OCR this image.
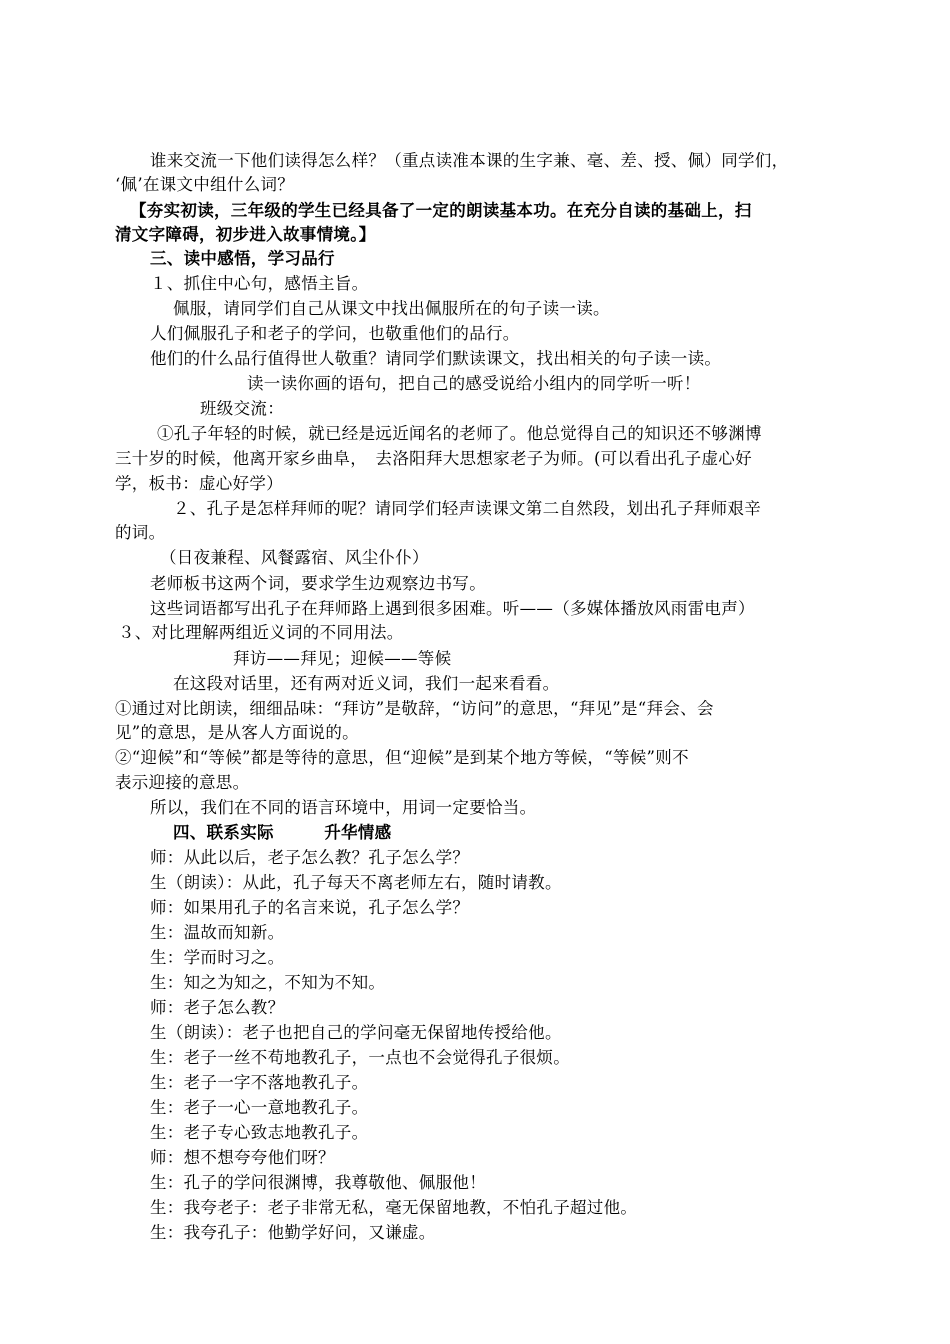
谁来交流一下他们读得怎么样？（重点读准本课的生字兼、毫、差、授、佩）同学们，
‘佩’在课文中组什么词？
【夯实初读，三年级的学生已经具备了一定的朗读基本功。在充分自读的基础上，扫
清文字障碍，初步进入故事情境。】
三、读中感悟，学习品行
１、抓住中心句，感悟主旨。
佩服，请同学们自己从课文中找出佩服所在的句子读一读。
人们佩服孔子和老子的学问，也敬重他们的品行。
他们的什么品行值得世人敬重？请同学们默读课文，找出相关的句子读一读。
读一读你画的语句，把自己的感受说给小组内的同学听一听！
班级交流：
①孔子年轻的时候，就已经是远近闻名的老师了。他总觉得自己的知识还不够渊博
三十岁的时候，他离开家乡曲阜，　去洛阳拜大思想家老子为师。(可以看出孔子虚心好
学，板书：虚心好学）
２、孔子是怎样拜师的呢？请同学们轻声读课文第二自然段，划出孔子拜师艰辛
的词。
（日夜兼程、风餐露宿、风尘仆仆）
老师板书这两个词，要求学生边观察边书写。
这些词语都写出孔子在拜师路上遇到很多困难。听——（多媒体播放风雨雷电声）
３、对比理解两组近义词的不同用法。
拜访——拜见；迎候——等候
在这段对话里，还有两对近义词，我们一起来看看。
①通过对比朗读，细细品味：“拜访”是敬辞，“访问”的意思，“拜见”是“拜会、会
见”的意思，是从客人方面说的。
②“迎候”和“等候”都是等待的意思，但“迎候”是到某个地方等候，“等候”则不
表示迎接的意思。
所以，我们在不同的语言环境中，用词一定要恰当。
四、联系实际　　　升华情感
师：从此以后，老子怎么教？孔子怎么学？
生（朗读）：从此，孔子每天不离老师左右，随时请教。
师：如果用孔子的名言来说，孔子怎么学？
生：温故而知新。
生：学而时习之。
生：知之为知之，不知为不知。
师：老子怎么教？
生（朗读）：老子也把自己的学问毫无保留地传授给他。
生：老子一丝不苟地教孔子，一点也不会觉得孔子很烦。
生：老子一字不落地教孔子。
生：老子一心一意地教孔子。
生：老子专心致志地教孔子。
师：想不想夸夸他们呀？
生：孔子的学问很渊博，我尊敬他、佩服他！
生：我夸老子：老子非常无私，毫无保留地教，不怕孔子超过他。
生：我夸孔子：他勤学好问，又谦虚。
